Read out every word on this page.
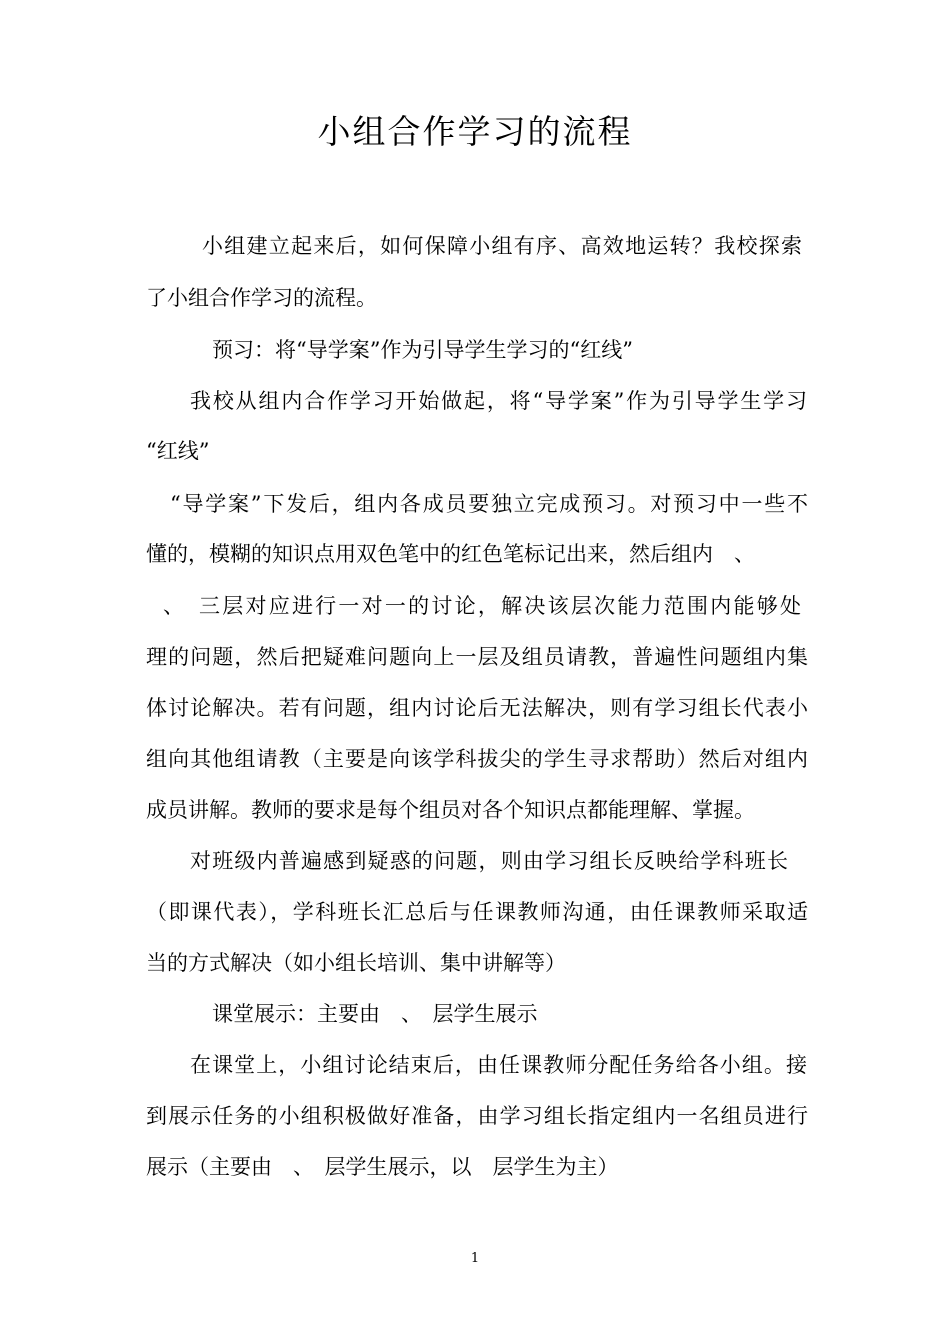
小组合作学习的流程

小组建立起来后，如何保障小组有序、高效地运转？我校探索

了小组合作学习的流程。

预习：将“导学案”作为引导学生学习的“红线”

我校从组内合作学习开始做起，将“导学案”作为引导学生学习

“红线”

“导学案”下发后，组内各成员要独立完成预习。对预习中一些不

懂的，模糊的知识点用双色笔中的红色笔标记出来，然后组内　、

、　三层对应进行一对一的讨论，解决该层次能力范围内能够处

理的问题，然后把疑难问题向上一层及组员请教，普遍性问题组内集

体讨论解决。若有问题，组内讨论后无法解决，则有学习组长代表小

组向其他组请教（主要是向该学科拔尖的学生寻求帮助）然后对组内

成员讲解。教师的要求是每个组员对各个知识点都能理解、掌握。

对班级内普遍感到疑惑的问题，则由学习组长反映给学科班长

（即课代表），学科班长汇总后与任课教师沟通，由任课教师采取适

当的方式解决（如小组长培训、集中讲解等）

课堂展示：主要由　、　层学生展示

在课堂上，小组讨论结束后，由任课教师分配任务给各小组。接

到展示任务的小组积极做好准备，由学习组长指定组内一名组员进行

展示（主要由　、　层学生展示，以　层学生为主）

1
